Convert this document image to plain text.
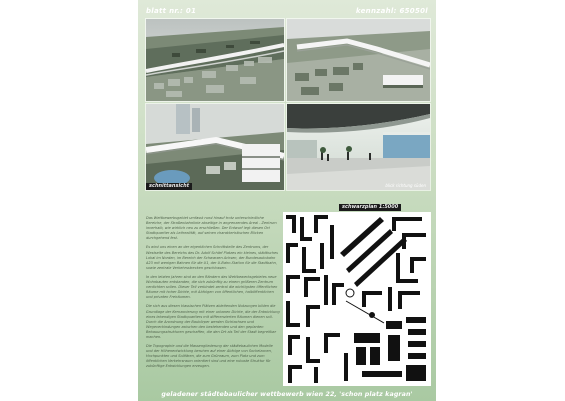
blatt nr.: 01	kennzahl: 65050l
schnittansicht	blick richtung süden
schwarzplan 1:5000

Das Wettbewerbsgebiet umfasst rund hinauf trotz unterschiedliche Bereiche, der Straßenbahnlinie abseitige in angrenzendes Areal - Zentrum innerhalb, wie wirklich neu zu erschließen. Der Entwurf legt diesen Ort Stadtquartier als Leitrealität, auf seinen charakteristischen Blicken durchgehend fest.

Es wird uns einen an der eigentlichen Schnittstelle des Zentrums, der Westseite des Bereichs des Dr. Adolf Schärf Platzes ein kleines, städtisches Lokal im Norden, im Bereich der Schwarzen Achsen, der Bundesautobahn A23 mit wenigen Bahnen für die U1, der U-Bahn-Station für die Stadtbahn, sowie zentrale Verkehrsstrecken geschlossen.

In den letzten Jahren sind an den Rändern des Wettbewerbsgebietes neue Wohnbauten entstanden, die sich zukünftig zu einem größeren Zentrum verdichten sollen. Dieser Teil verbindet zentral die wichtigsten öffentlichen Räume mit hoher Dichte, mit Abfolgen von öffentlichen, halböffentlichen und privaten Freiräumen.

Die sich aus diesen klassischen Plätzen ableitenden Nutzungen bilden die Grundlage der Kernzonierung mit einer urbanen Dichte, die der Entwicklung eines lebendigen Stadtquartiers mit differenzierten Räumen dienen soll. Durch die Anordnung der Baukörper werden Sichtachsen und Wegeverbindungen zwischen den bestehenden und den geplanten Bebauungsstrukturen geschaffen, die den Ort als Teil der Stadt begreifbar machen.

Die Topographie und die Massengliederung der städtebaulichen Modelle und der Höhenentwicklung beruhen auf einer Abfolge von Sockelzonen, Hochpunkten und Solitären, die zum Grünraum, zum Platz und zum öffentlichen Verkehrsraum orientiert sind und eine robuste Struktur für zukünftige Entwicklungen erzeugen.

geladener städtebaulicher wettbewerb wien 22, 'schon platz kagran'
